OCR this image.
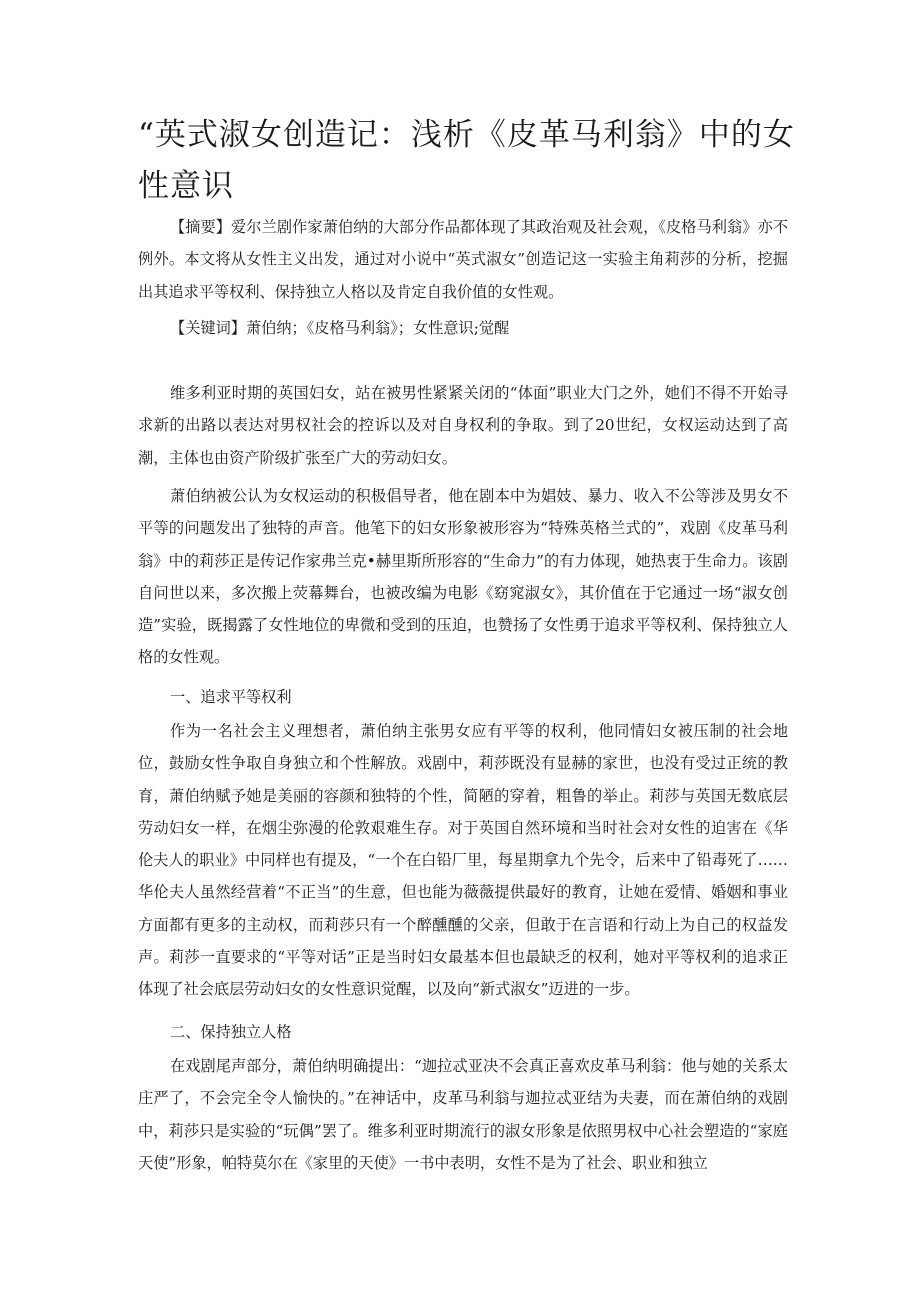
“英式淑女创造记：浅析《皮革马利翁》中的女性意识

【摘要】爱尔兰剧作家萧伯纳的大部分作品都体现了其政治观及社会观，《皮格马利翁》亦不例外。本文将从女性主义出发，通过对小说中“英式淑女”创造记这一实验主角莉莎的分析，挖掘出其追求平等权利、保持独立人格以及肯定自我价值的女性观。

【关键词】萧伯纳；《皮格马利翁》；女性意识;觉醒

维多利亚时期的英国妇女，站在被男性紧紧关闭的“体面”职业大门之外，她们不得不开始寻求新的出路以表达对男权社会的控诉以及对自身权利的争取。到了20世纪，女权运动达到了高潮，主体也由资产阶级扩张至广大的劳动妇女。

萧伯纳被公认为女权运动的积极倡导者，他在剧本中为娼妓、暴力、收入不公等涉及男女不平等的问题发出了独特的声音。他笔下的妇女形象被形容为“特殊英格兰式的”，戏剧《皮革马利翁》中的莉莎正是传记作家弗兰克•赫里斯所形容的“生命力”的有力体现，她热衷于生命力。该剧自问世以来，多次搬上荧幕舞台，也被改编为电影《窈窕淑女》，其价值在于它通过一场“淑女创造”实验，既揭露了女性地位的卑微和受到的压迫，也赞扬了女性勇于追求平等权利、保持独立人格的女性观。

一、追求平等权利

作为一名社会主义理想者，萧伯纳主张男女应有平等的权利，他同情妇女被压制的社会地位，鼓励女性争取自身独立和个性解放。戏剧中，莉莎既没有显赫的家世，也没有受过正统的教育，萧伯纳赋予她是美丽的容颜和独特的个性，简陋的穿着，粗鲁的举止。莉莎与英国无数底层劳动妇女一样，在烟尘弥漫的伦敦艰难生存。对于英国自然环境和当时社会对女性的迫害在《华伦夫人的职业》中同样也有提及，“一个在白铅厂里，每星期拿九个先令，后来中了铅毒死了……华伦夫人虽然经营着“不正当”的生意，但也能为薇薇提供最好的教育，让她在爱情、婚姻和事业方面都有更多的主动权，而莉莎只有一个醉醺醺的父亲，但敢于在言语和行动上为自己的权益发声。莉莎一直要求的“平等对话”正是当时妇女最基本但也最缺乏的权利，她对平等权利的追求正体现了社会底层劳动妇女的女性意识觉醒，以及向“新式淑女”迈进的一步。

二、保持独立人格

在戏剧尾声部分，萧伯纳明确提出：“迦拉忒亚决不会真正喜欢皮革马利翁：他与她的关系太庄严了，不会完全令人愉快的。”在神话中，皮革马利翁与迦拉忒亚结为夫妻，而在萧伯纳的戏剧中，莉莎只是实验的“玩偶”罢了。维多利亚时期流行的淑女形象是依照男权中心社会塑造的“家庭天使”形象，帕特莫尔在《家里的天使》一书中表明，女性不是为了社会、职业和独立
